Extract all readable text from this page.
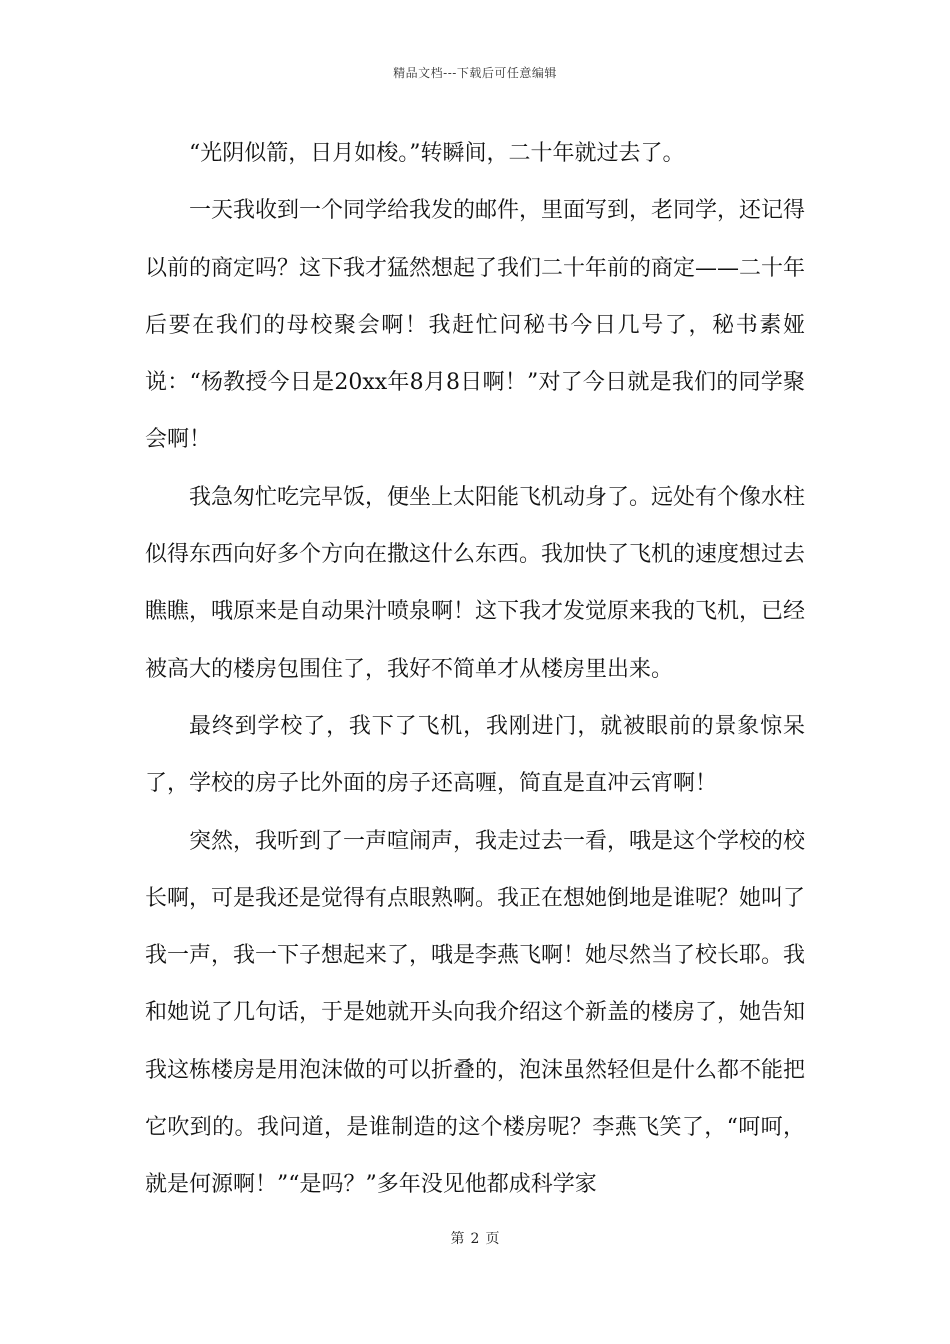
精品文档---下载后可任意编辑

“光阴似箭，日月如梭。”转瞬间，二十年就过去了。

一天我收到一个同学给我发的邮件，里面写到，老同学，还记得以前的商定吗？这下我才猛然想起了我们二十年前的商定——二十年后要在我们的母校聚会啊！我赶忙问秘书今日几号了，秘书素娅说：“杨教授今日是20xx年8月8日啊！”对了今日就是我们的同学聚会啊！

我急匆忙吃完早饭，便坐上太阳能飞机动身了。远处有个像水柱似得东西向好多个方向在撒这什么东西。我加快了飞机的速度想过去瞧瞧，哦原来是自动果汁喷泉啊！这下我才发觉原来我的飞机，已经被高大的楼房包围住了，我好不简单才从楼房里出来。

最终到学校了，我下了飞机，我刚进门，就被眼前的景象惊呆了，学校的房子比外面的房子还高喱，简直是直冲云宵啊！

突然，我听到了一声喧闹声，我走过去一看，哦是这个学校的校长啊，可是我还是觉得有点眼熟啊。我正在想她倒地是谁呢？她叫了我一声，我一下子想起来了，哦是李燕飞啊！她尽然当了校长耶。我和她说了几句话，于是她就开头向我介绍这个新盖的楼房了，她告知我这栋楼房是用泡沫做的可以折叠的，泡沫虽然轻但是什么都不能把它吹到的。我问道，是谁制造的这个楼房呢？李燕飞笑了，“呵呵，就是何源啊！”“是吗？”多年没见他都成科学家

第 2 页
